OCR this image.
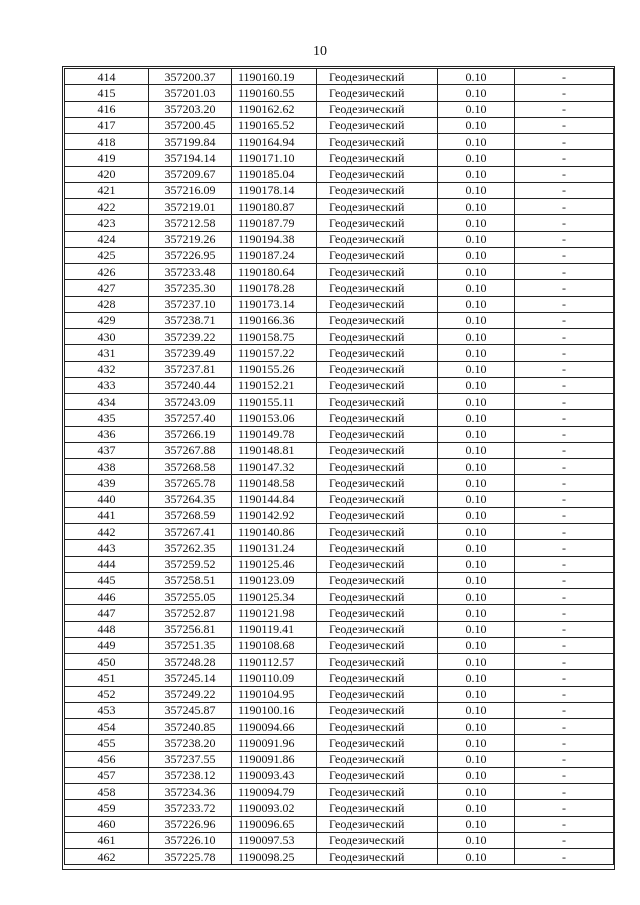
10
414	357200.37	1190160.19	Геодезический	0.10	-
415	357201.03	1190160.55	Геодезический	0.10	-
416	357203.20	1190162.62	Геодезический	0.10	-
417	357200.45	1190165.52	Геодезический	0.10	-
418	357199.84	1190164.94	Геодезический	0.10	-
419	357194.14	1190171.10	Геодезический	0.10	-
420	357209.67	1190185.04	Геодезический	0.10	-
421	357216.09	1190178.14	Геодезический	0.10	-
422	357219.01	1190180.87	Геодезический	0.10	-
423	357212.58	1190187.79	Геодезический	0.10	-
424	357219.26	1190194.38	Геодезический	0.10	-
425	357226.95	1190187.24	Геодезический	0.10	-
426	357233.48	1190180.64	Геодезический	0.10	-
427	357235.30	1190178.28	Геодезический	0.10	-
428	357237.10	1190173.14	Геодезический	0.10	-
429	357238.71	1190166.36	Геодезический	0.10	-
430	357239.22	1190158.75	Геодезический	0.10	-
431	357239.49	1190157.22	Геодезический	0.10	-
432	357237.81	1190155.26	Геодезический	0.10	-
433	357240.44	1190152.21	Геодезический	0.10	-
434	357243.09	1190155.11	Геодезический	0.10	-
435	357257.40	1190153.06	Геодезический	0.10	-
436	357266.19	1190149.78	Геодезический	0.10	-
437	357267.88	1190148.81	Геодезический	0.10	-
438	357268.58	1190147.32	Геодезический	0.10	-
439	357265.78	1190148.58	Геодезический	0.10	-
440	357264.35	1190144.84	Геодезический	0.10	-
441	357268.59	1190142.92	Геодезический	0.10	-
442	357267.41	1190140.86	Геодезический	0.10	-
443	357262.35	1190131.24	Геодезический	0.10	-
444	357259.52	1190125.46	Геодезический	0.10	-
445	357258.51	1190123.09	Геодезический	0.10	-
446	357255.05	1190125.34	Геодезический	0.10	-
447	357252.87	1190121.98	Геодезический	0.10	-
448	357256.81	1190119.41	Геодезический	0.10	-
449	357251.35	1190108.68	Геодезический	0.10	-
450	357248.28	1190112.57	Геодезический	0.10	-
451	357245.14	1190110.09	Геодезический	0.10	-
452	357249.22	1190104.95	Геодезический	0.10	-
453	357245.87	1190100.16	Геодезический	0.10	-
454	357240.85	1190094.66	Геодезический	0.10	-
455	357238.20	1190091.96	Геодезический	0.10	-
456	357237.55	1190091.86	Геодезический	0.10	-
457	357238.12	1190093.43	Геодезический	0.10	-
458	357234.36	1190094.79	Геодезический	0.10	-
459	357233.72	1190093.02	Геодезический	0.10	-
460	357226.96	1190096.65	Геодезический	0.10	-
461	357226.10	1190097.53	Геодезический	0.10	-
462	357225.78	1190098.25	Геодезический	0.10	-
